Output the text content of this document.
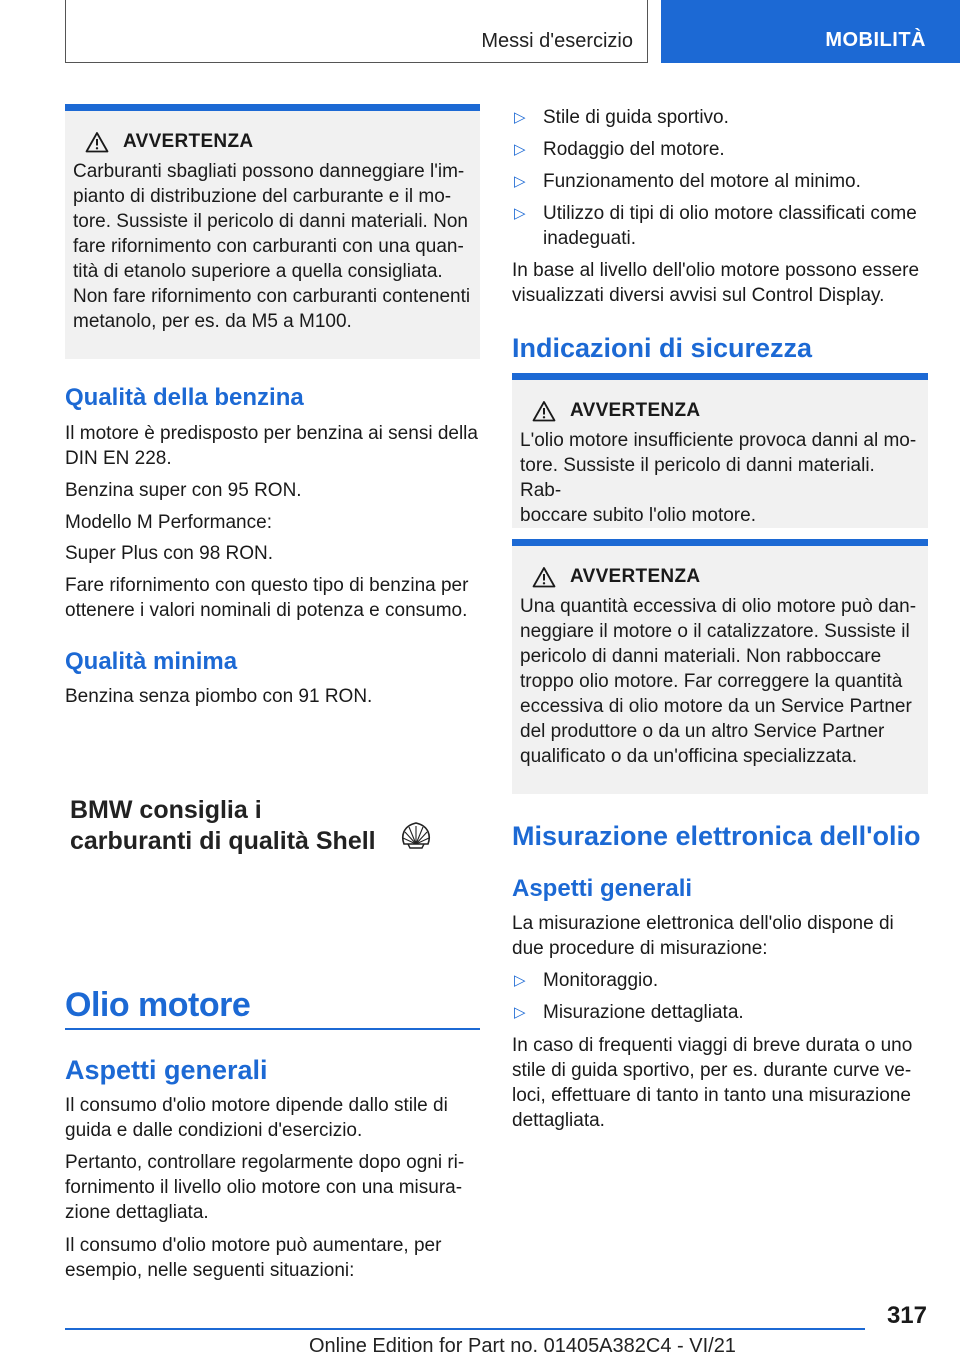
Messi d'esercizio	MOBILITÀ
AVVERTENZA
Carburanti sbagliati possono danneggiare l'im-
pianto di distribuzione del carburante e il mo-
tore. Sussiste il pericolo di danni materiali. Non
fare rifornimento con carburanti con una quan-
tità di etanolo superiore a quella consigliata.
Non fare rifornimento con carburanti contenenti
metanolo, per es. da M5 a M100.
Qualità della benzina
Il motore è predisposto per benzina ai sensi della
DIN EN 228.
Benzina super con 95 RON.
Modello M Performance:
Super Plus con 98 RON.
Fare rifornimento con questo tipo di benzina per
ottenere i valori nominali di potenza e consumo.
Qualità minima
Benzina senza piombo con 91 RON.
BMW consiglia i
carburanti di qualità Shell
Olio motore
Aspetti generali
Il consumo d'olio motore dipende dallo stile di
guida e dalle condizioni d'esercizio.
Pertanto, controllare regolarmente dopo ogni ri-
fornimento il livello olio motore con una misura-
zione dettagliata.
Il consumo d'olio motore può aumentare, per
esempio, nelle seguenti situazioni:
▷ Stile di guida sportivo.
▷ Rodaggio del motore.
▷ Funzionamento del motore al minimo.
▷ Utilizzo di tipi di olio motore classificati come
inadeguati.
In base al livello dell'olio motore possono essere
visualizzati diversi avvisi sul Control Display.
Indicazioni di sicurezza
AVVERTENZA
L'olio motore insufficiente provoca danni al mo-
tore. Sussiste il pericolo di danni materiali. Rab-
boccare subito l'olio motore.
AVVERTENZA
Una quantità eccessiva di olio motore può dan-
neggiare il motore o il catalizzatore. Sussiste il
pericolo di danni materiali. Non rabboccare
troppo olio motore. Far correggere la quantità
eccessiva di olio motore da un Service Partner
del produttore o da un altro Service Partner
qualificato o da un'officina specializzata.
Misurazione elettronica dell'olio
Aspetti generali
La misurazione elettronica dell'olio dispone di
due procedure di misurazione:
▷ Monitoraggio.
▷ Misurazione dettagliata.
In caso di frequenti viaggi di breve durata o uno
stile di guida sportivo, per es. durante curve ve-
loci, effettuare di tanto in tanto una misurazione
dettagliata.
317
Online Edition for Part no. 01405A382C4 - VI/21
